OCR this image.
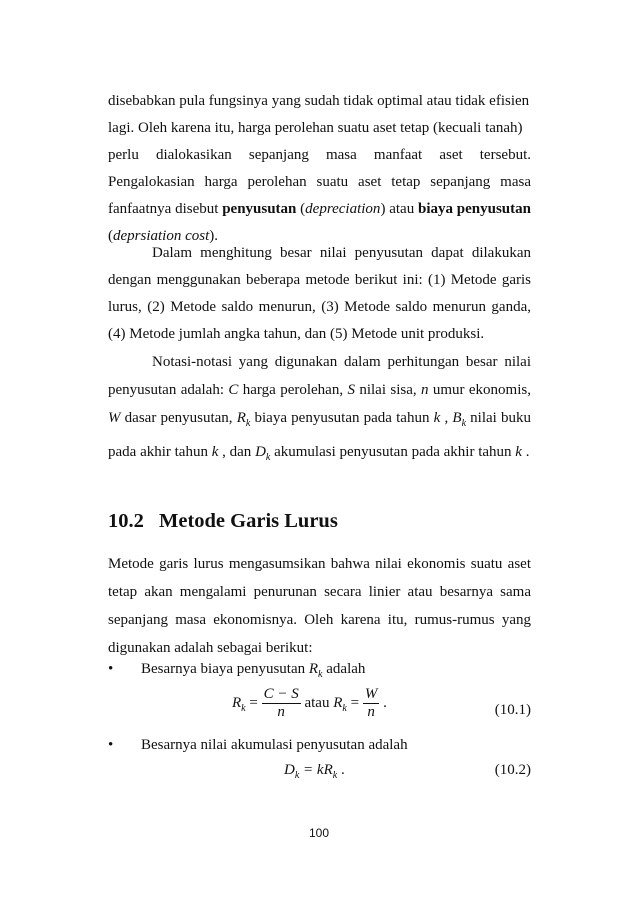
disebabkan pula fungsinya yang sudah tidak optimal atau tidak efisien
lagi. Oleh karena itu, harga perolehan suatu aset tetap (kecuali tanah)
perlu dialokasikan sepanjang masa manfaat aset tersebut.
Pengalokasian harga perolehan suatu aset tetap sepanjang masa
fanfaatnya disebut penyusutan (depreciation) atau biaya penyusutan
(deprsiation cost).
Dalam menghitung besar nilai penyusutan dapat dilakukan dengan menggunakan beberapa metode berikut ini: (1) Metode garis lurus, (2) Metode saldo menurun, (3) Metode saldo menurun ganda, (4) Metode jumlah angka tahun, dan (5) Metode unit produksi.
Notasi-notasi yang digunakan dalam perhitungan besar nilai penyusutan adalah: C harga perolehan, S nilai sisa, n umur ekonomis, W dasar penyusutan, $R_k$ biaya penyusutan pada tahun k , $B_k$ nilai buku pada akhir tahun k , dan $D_k$ akumulasi penyusutan pada akhir tahun k .
10.2 Metode Garis Lurus
Metode garis lurus mengasumsikan bahwa nilai ekonomis suatu aset tetap akan mengalami penurunan secara linier atau besarnya sama sepanjang masa ekonomisnya. Oleh karena itu, rumus-rumus yang digunakan adalah sebagai berikut:
• Besarnya biaya penyusutan $R_k$ adalah
$R_k = \frac{C - S}{n}$ atau $R_k = \frac{W}{n}$ .	(10.1)
• Besarnya nilai akumulasi penyusutan adalah
$D_k = kR_k$ .	(10.2)
100
